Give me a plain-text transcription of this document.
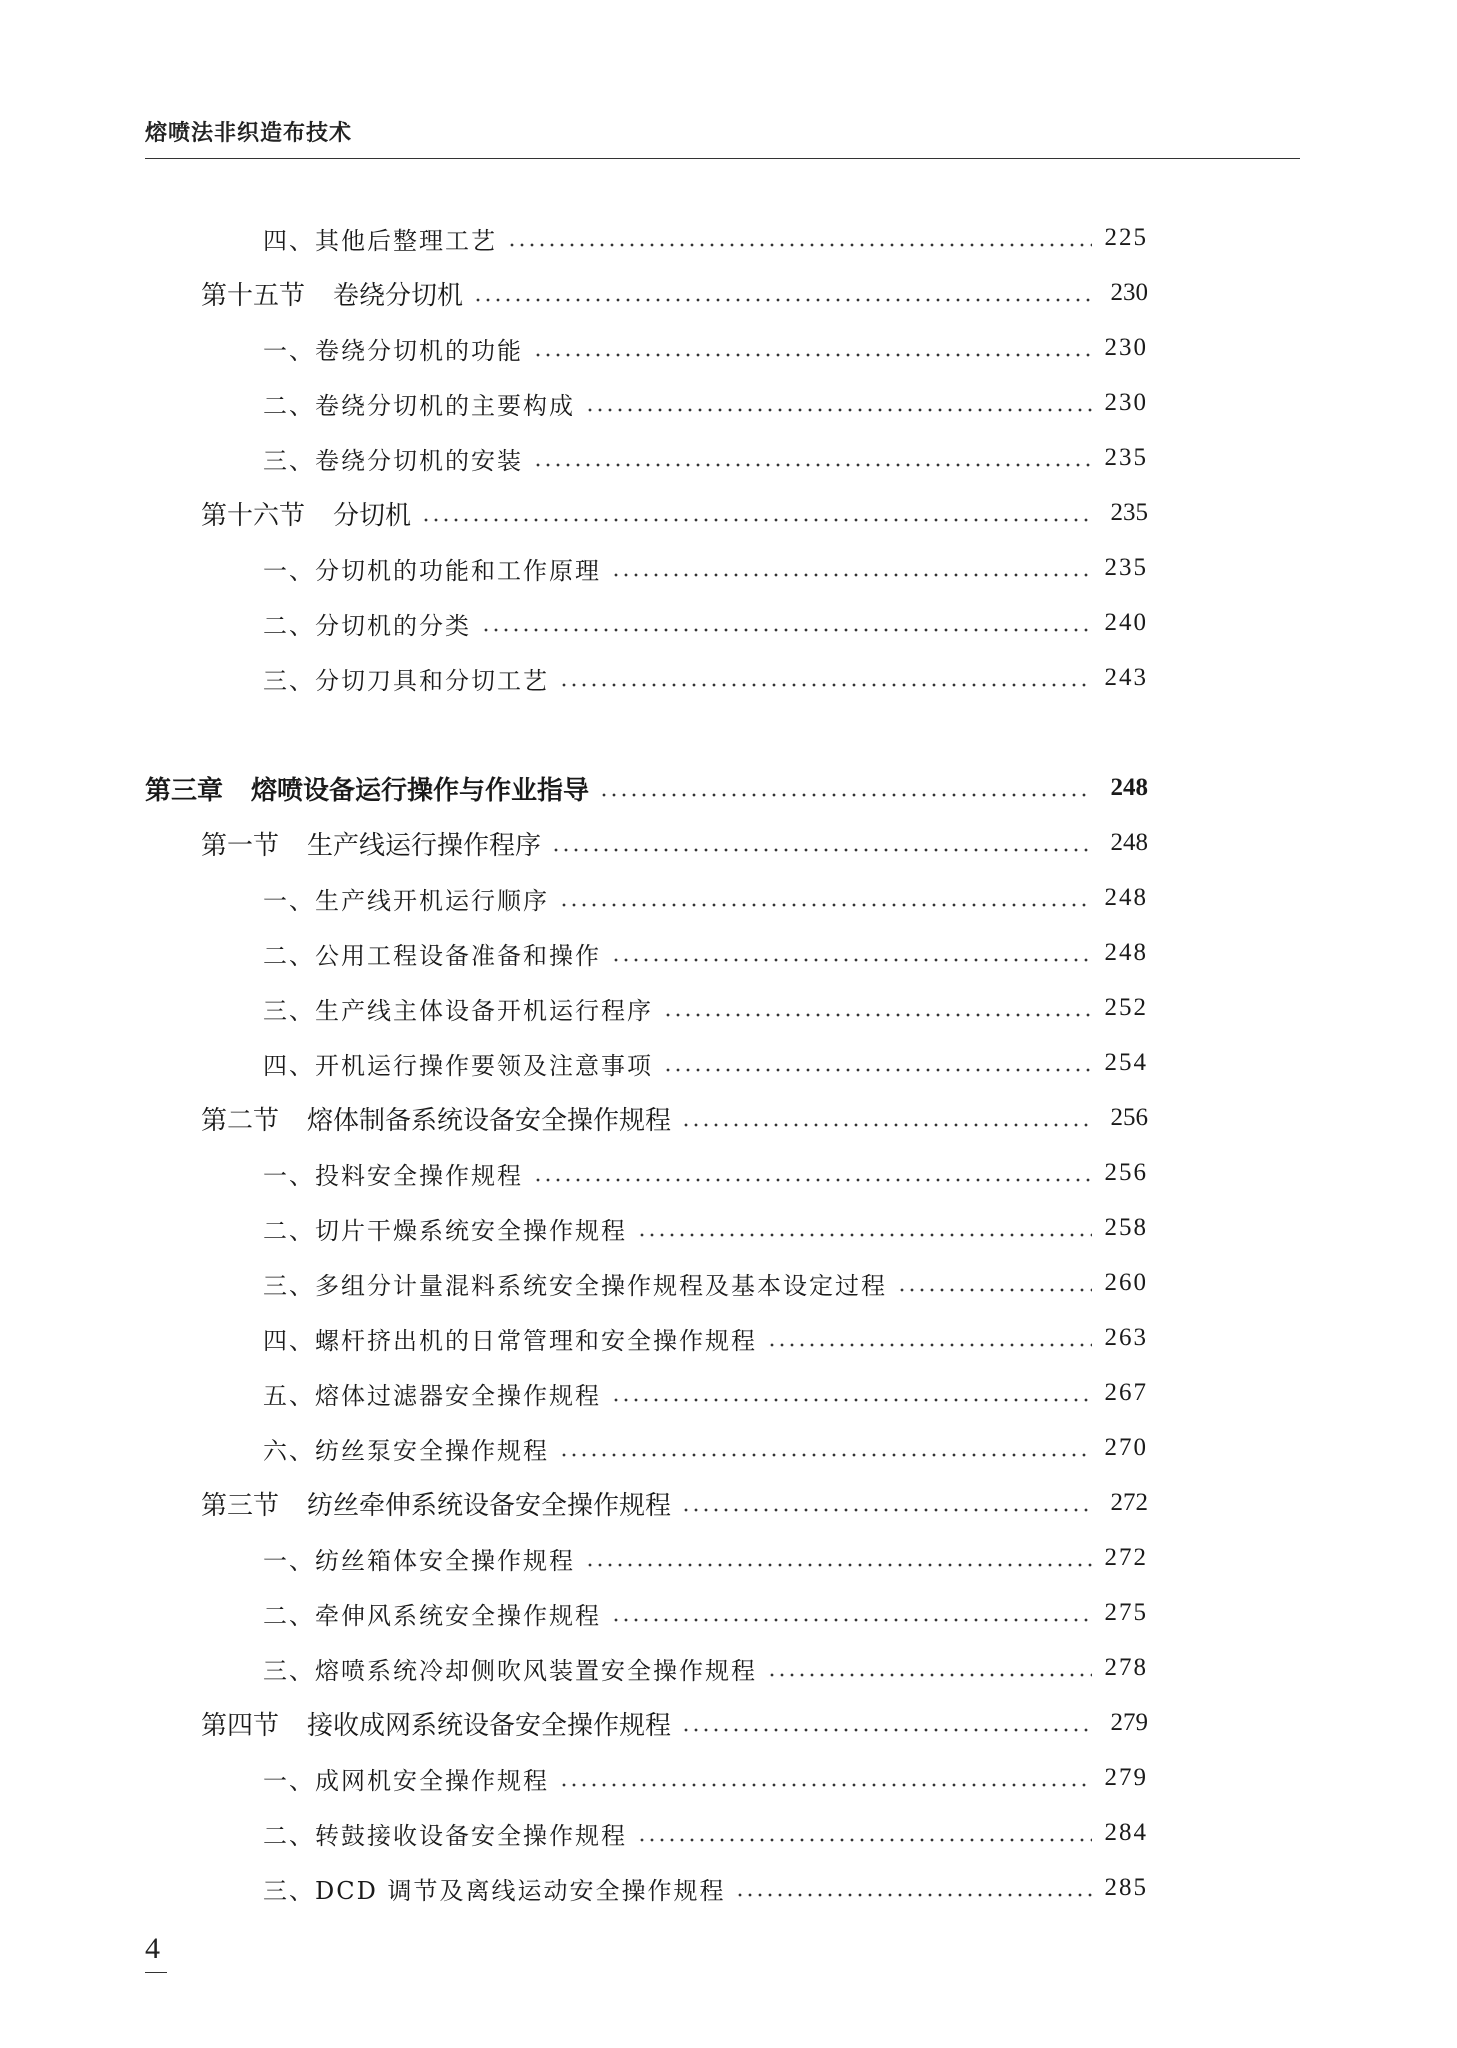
熔喷法非织造布技术
四、其他后整理工艺	225
第十五节 卷绕分切机	230
一、卷绕分切机的功能	230
二、卷绕分切机的主要构成	230
三、卷绕分切机的安装	235
第十六节 分切机	235
一、分切机的功能和工作原理	235
二、分切机的分类	240
三、分切刀具和分切工艺	243
第三章 熔喷设备运行操作与作业指导	248
第一节 生产线运行操作程序	248
一、生产线开机运行顺序	248
二、公用工程设备准备和操作	248
三、生产线主体设备开机运行程序	252
四、开机运行操作要领及注意事项	254
第二节 熔体制备系统设备安全操作规程	256
一、投料安全操作规程	256
二、切片干燥系统安全操作规程	258
三、多组分计量混料系统安全操作规程及基本设定过程	260
四、螺杆挤出机的日常管理和安全操作规程	263
五、熔体过滤器安全操作规程	267
六、纺丝泵安全操作规程	270
第三节 纺丝牵伸系统设备安全操作规程	272
一、纺丝箱体安全操作规程	272
二、牵伸风系统安全操作规程	275
三、熔喷系统冷却侧吹风装置安全操作规程	278
第四节 接收成网系统设备安全操作规程	279
一、成网机安全操作规程	279
二、转鼓接收设备安全操作规程	284
三、DCD 调节及离线运动安全操作规程	285
4
